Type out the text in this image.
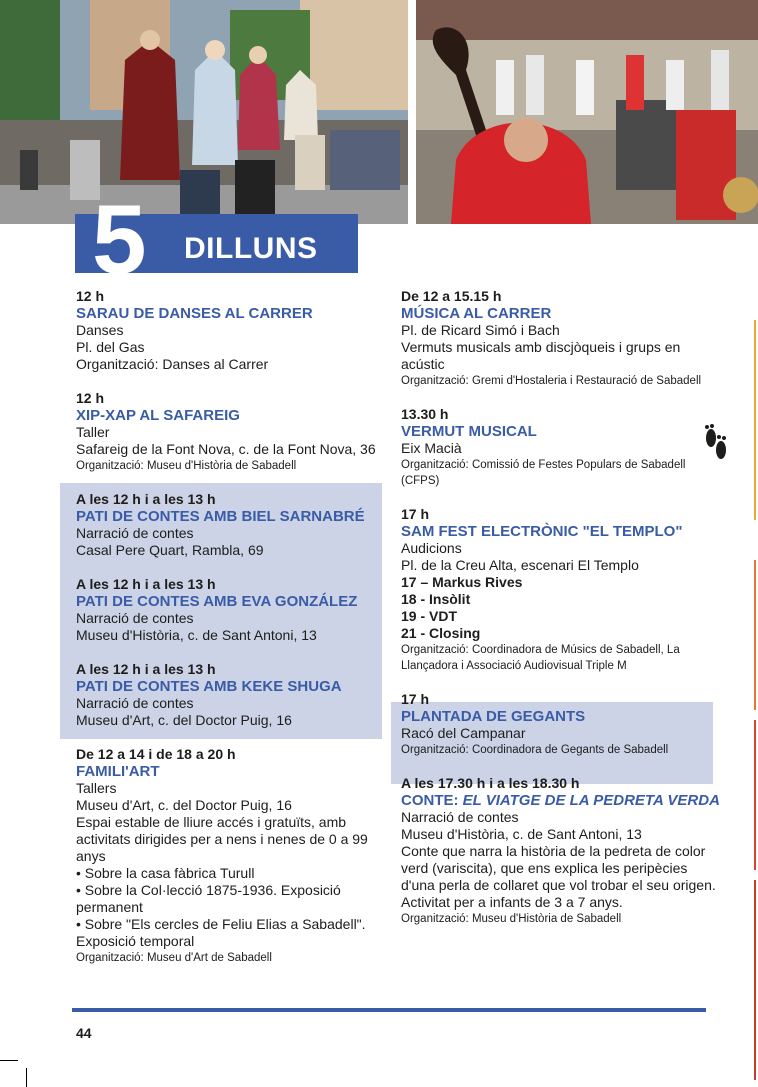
5 DILLUNS
12 h
SARAU DE DANSES AL CARRER
Danses
Pl. del Gas
Organització: Danses al Carrer
12 h
XIP-XAP AL SAFAREIG
Taller
Safareig de la Font Nova, c. de la Font Nova, 36
Organització: Museu d'Història de Sabadell
A les 12 h i a les 13 h
PATI DE CONTES AMB BIEL SARNABRÉ
Narració de contes
Casal Pere Quart, Rambla, 69
A les 12 h i a les 13 h
PATI DE CONTES AMB EVA GONZÁLEZ
Narració de contes
Museu d'Història, c. de Sant Antoni, 13
A les 12 h i a les 13 h
PATI DE CONTES AMB KEKE SHUGA
Narració de contes
Museu d'Art, c. del Doctor Puig, 16
De 12 a 14 i de 18 a 20 h
FAMILI'ART
Tallers
Museu d'Art, c. del Doctor Puig, 16
Espai estable de lliure accés i gratuïts, amb activitats dirigides per a nens i nenes de 0 a 99 anys
• Sobre la casa fàbrica Turull
• Sobre la Col·lecció 1875-1936. Exposició permanent
• Sobre "Els cercles de Feliu Elias a Sabadell". Exposició temporal
Organització: Museu d'Art de Sabadell
De 12 a 15.15 h
MÚSICA AL CARRER
Pl. de Ricard Simó i Bach
Vermuts musicals amb discjòqueis i grups en acústic
Organització: Gremi d'Hostaleria i Restauració de Sabadell
13.30 h
VERMUT MUSICAL
Eix Macià
Organització: Comissió de Festes Populars de Sabadell (CFPS)
17 h
SAM FEST ELECTRÒNIC "EL TEMPLO"
Audicions
Pl. de la Creu Alta, escenari El Templo
17 – Markus Rives
18 - Insòlit
19 - VDT
21 - Closing
Organització: Coordinadora de Músics de Sabadell, La Llançadora i Associació Audiovisual Triple M
17 h
PLANTADA DE GEGANTS
Racó del Campanar
Organització: Coordinadora de Gegants de Sabadell
A les 17.30 h i a les 18.30 h
CONTE: EL VIATGE DE LA PEDRETA VERDA
Narració de contes
Museu d'Història, c. de Sant Antoni, 13
Conte que narra la història de la pedreta de color verd (variscita), que ens explica les peripècies d'una perla de collaret que vol trobar el seu origen. Activitat per a infants de 3 a 7 anys.
Organització: Museu d'Història de Sabadell
44
